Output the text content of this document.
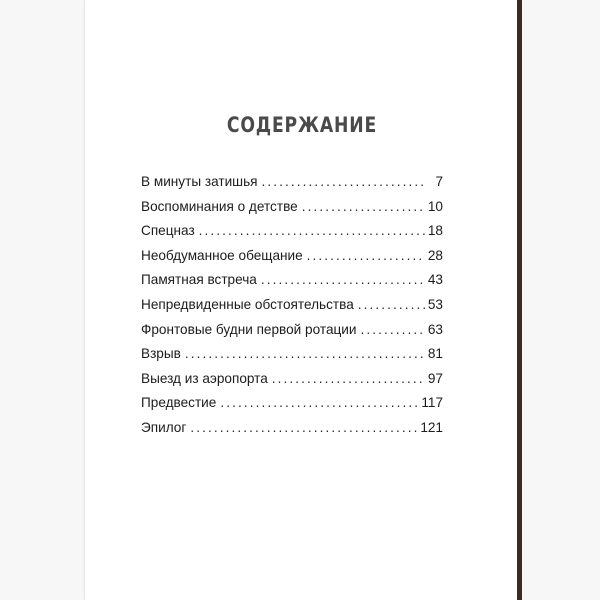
СОДЕРЖАНИЕ
В минуты затишья .....	7
Воспоминания о детстве .....	10
Спецназ .....	18
Необдуманное обещание .....	28
Памятная встреча .....	43
Непредвиденные обстоятельства .....	53
Фронтовые будни первой ротации .....	63
Взрыв .....	81
Выезд из аэропорта .....	97
Предвестие .....	117
Эпилог .....	121
